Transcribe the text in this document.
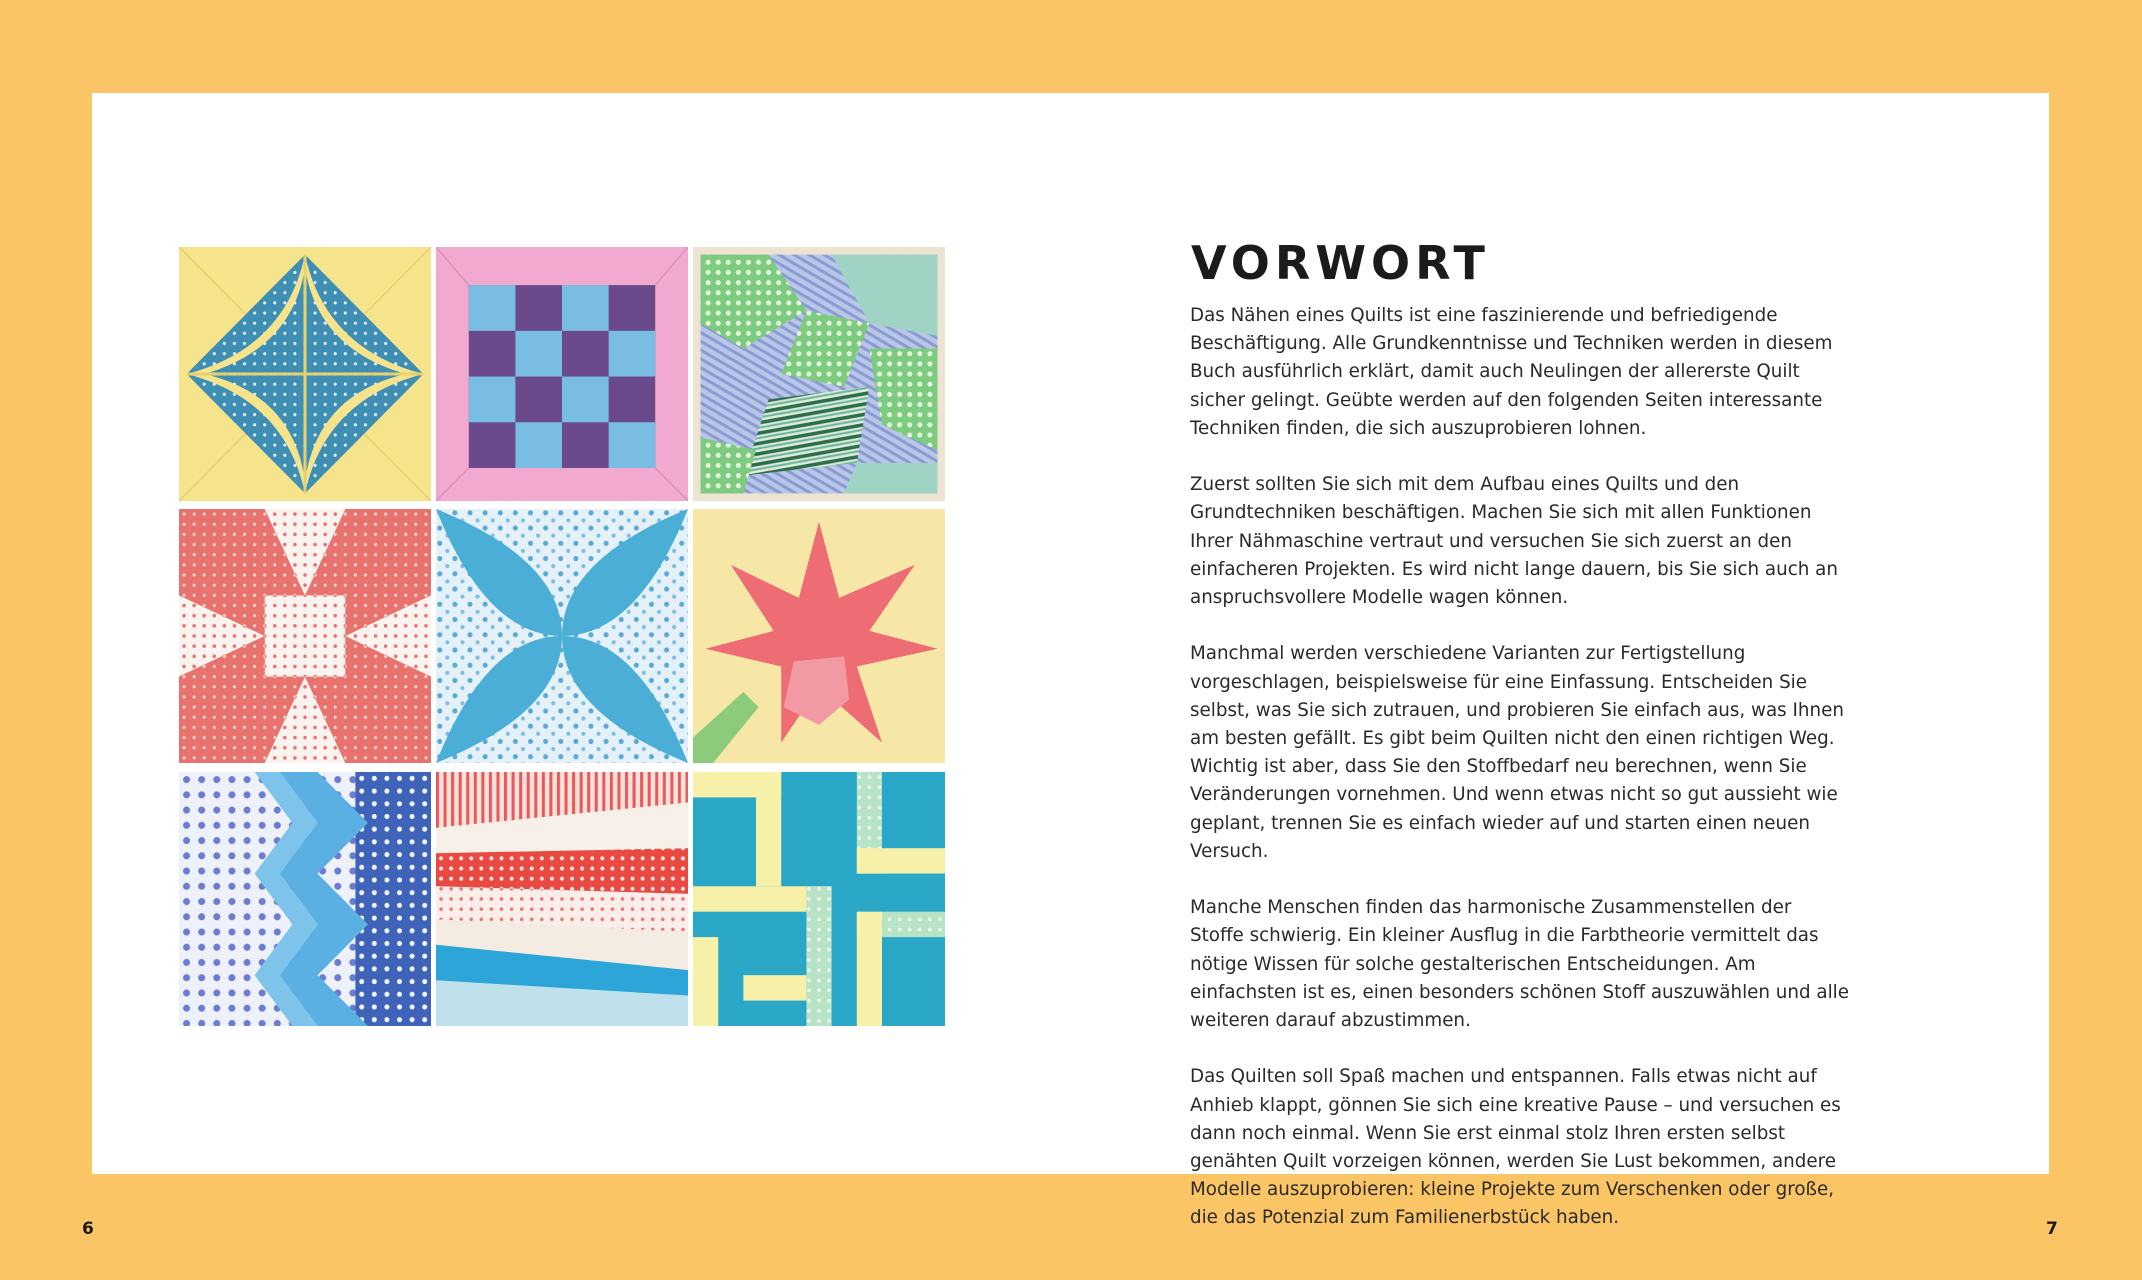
VORWORT

Das Nähen eines Quilts ist eine faszinierende und befriedigende Beschäftigung. Alle Grundkenntnisse und Techniken werden in diesem Buch ausführlich erklärt, damit auch Neulingen der allererste Quilt sicher gelingt. Geübte werden auf den folgenden Seiten interessante Techniken finden, die sich auszuprobieren lohnen.

Zuerst sollten Sie sich mit dem Aufbau eines Quilts und den Grundtechniken beschäftigen. Machen Sie sich mit allen Funktionen Ihrer Nähmaschine vertraut und versuchen Sie sich zuerst an den einfacheren Projekten. Es wird nicht lange dauern, bis Sie sich auch an anspruchsvollere Modelle wagen können.

Manchmal werden verschiedene Varianten zur Fertigstellung vorgeschlagen, beispielsweise für eine Einfassung. Entscheiden Sie selbst, was Sie sich zutrauen, und probieren Sie einfach aus, was Ihnen am besten gefällt. Es gibt beim Quilten nicht den einen richtigen Weg. Wichtig ist aber, dass Sie den Stoffbedarf neu berechnen, wenn Sie Veränderungen vornehmen. Und wenn etwas nicht so gut aussieht wie geplant, trennen Sie es einfach wieder auf und starten einen neuen Versuch.

Manche Menschen finden das harmonische Zusammenstellen der Stoffe schwierig. Ein kleiner Ausflug in die Farbtheorie vermittelt das nötige Wissen für solche gestalterischen Entscheidungen. Am einfachsten ist es, einen besonders schönen Stoff auszuwählen und alle weiteren darauf abzustimmen.

Das Quilten soll Spaß machen und entspannen. Falls etwas nicht auf Anhieb klappt, gönnen Sie sich eine kreative Pause – und versuchen es dann noch einmal. Wenn Sie erst einmal stolz Ihren ersten selbst genähten Quilt vorzeigen können, werden Sie Lust bekommen, andere Modelle auszuprobieren: kleine Projekte zum Verschenken oder große, die das Potenzial zum Familienerbstück haben.

6	7
